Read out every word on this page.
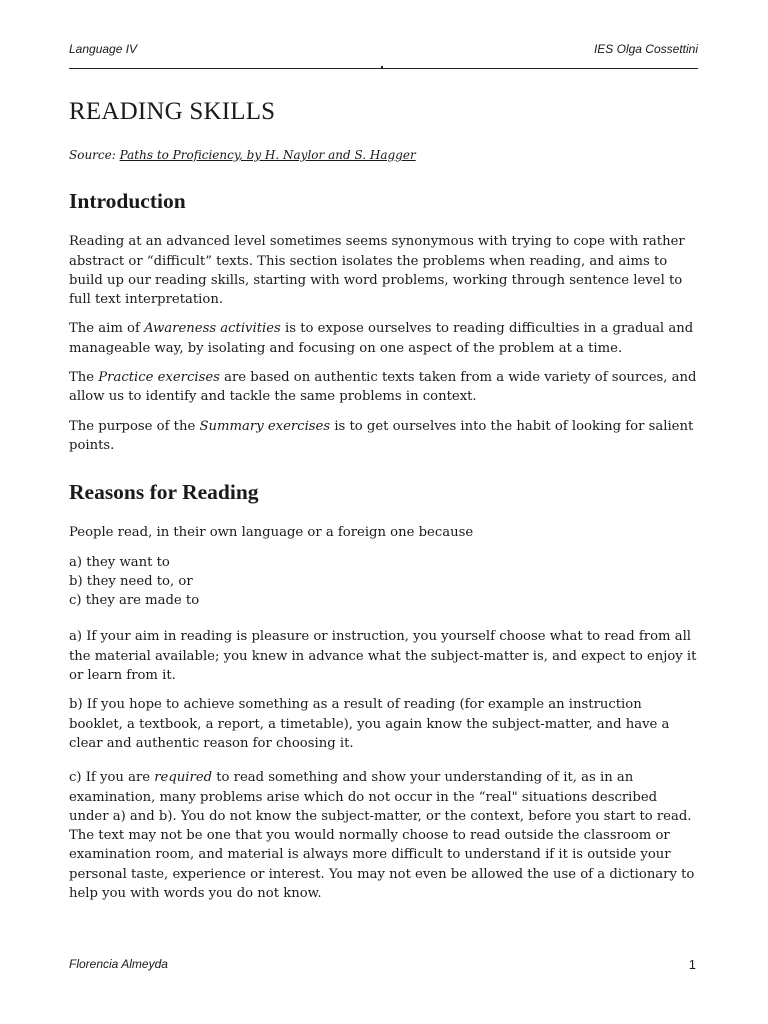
Language IV	IES Olga Cossettini
READING SKILLS

Source: Paths to Proficiency, by H. Naylor and S. Hagger

Introduction

Reading at an advanced level sometimes seems synonymous with trying to cope with rather abstract or “difficult” texts. This section isolates the problems when reading, and aims to build up our reading skills, starting with word problems, working through sentence level to full text interpretation.

The aim of Awareness activities is to expose ourselves to reading difficulties in a gradual and manageable way, by isolating and focusing on one aspect of the problem at a time.

The Practice exercises are based on authentic texts taken from a wide variety of sources, and allow us to identify and tackle the same problems in context.

The purpose of the Summary exercises is to get ourselves into the habit of looking for salient points.

Reasons for Reading

People read, in their own language or a foreign one because

a) they want to
b) they need to, or
c) they are made to

a) If your aim in reading is pleasure or instruction, you yourself choose what to read from all the material available; you knew in advance what the subject-matter is, and expect to enjoy it or learn from it.

b) If you hope to achieve something as a result of reading (for example an instruction booklet, a textbook, a report, a timetable), you again know the subject-matter, and have a clear and authentic reason for choosing it.

c) If you are required to read something and show your understanding of it, as in an examination, many problems arise which do not occur in the “real" situations described under a) and b). You do not know the subject-matter, or the context, before you start to read. The text may not be one that you would normally choose to read outside the classroom or examination room, and material is always more difficult to understand if it is outside your personal taste, experience or interest. You may not even be allowed the use of a dictionary to help you with words you do not know.

Florencia Almeyda	1
